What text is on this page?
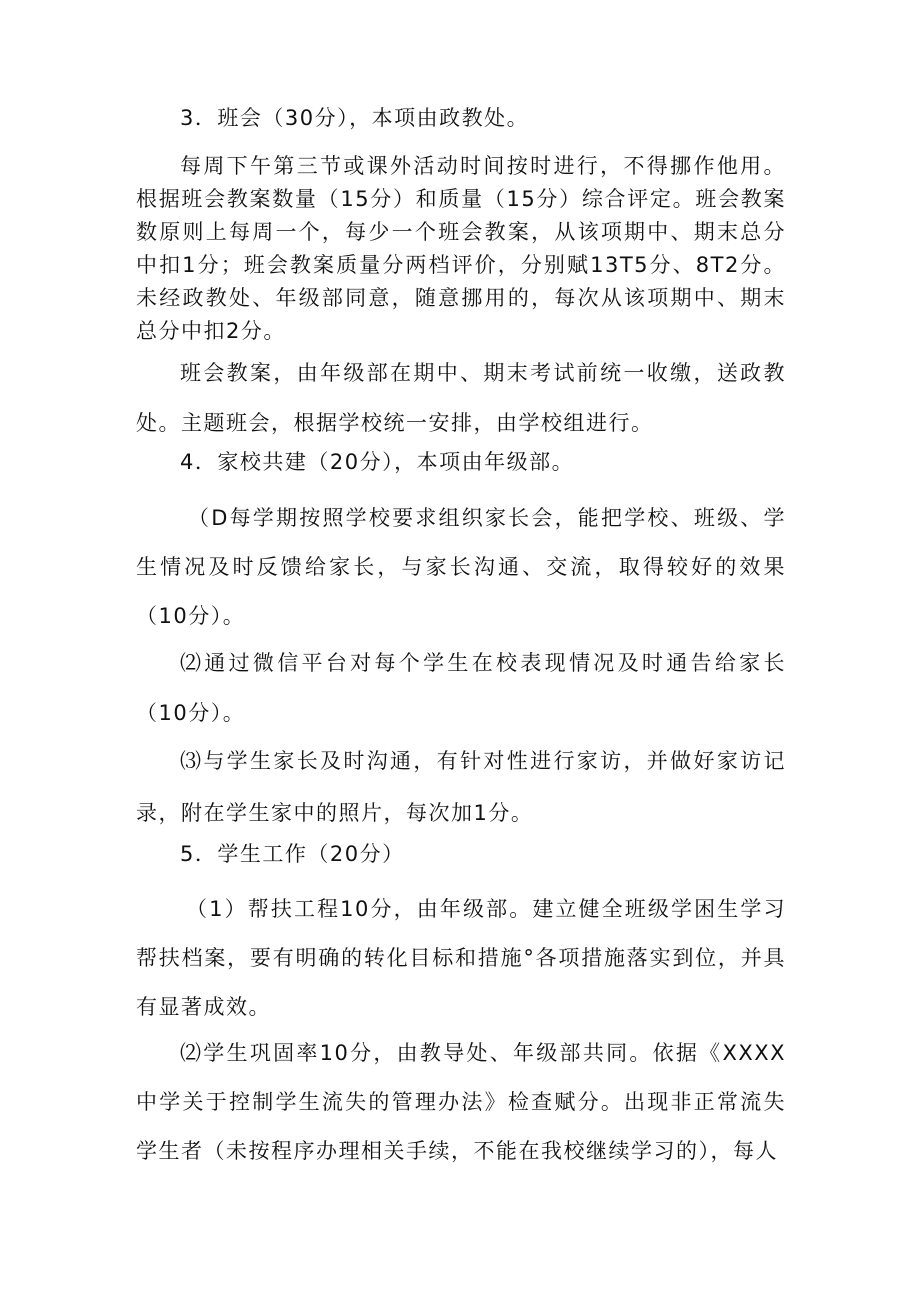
3．班会（30分），本项由政教处。

每周下午第三节或课外活动时间按时进行，不得挪作他用。根据班会教案数量（15分）和质量（15分）综合评定。班会教案数原则上每周一个，每少一个班会教案，从该项期中、期末总分中扣1分；班会教案质量分两档评价，分别赋13T5分、8T2分。未经政教处、年级部同意，随意挪用的，每次从该项期中、期末总分中扣2分。

班会教案，由年级部在期中、期末考试前统一收缴，送政教处。主题班会，根据学校统一安排，由学校组进行。

4．家校共建（20分），本项由年级部。

（D每学期按照学校要求组织家长会，能把学校、班级、学生情况及时反馈给家长，与家长沟通、交流，取得较好的效果（10分）。

⑵通过微信平台对每个学生在校表现情况及时通告给家长（10分）。

⑶与学生家长及时沟通，有针对性进行家访，并做好家访记录，附在学生家中的照片，每次加1分。

5．学生工作（20分）

（1）帮扶工程10分，由年级部。建立健全班级学困生学习帮扶档案，要有明确的转化目标和措施°各项措施落实到位，并具有显著成效。

⑵学生巩固率10分，由教导处、年级部共同。依据《XXXX中学关于控制学生流失的管理办法》检查赋分。出现非正常流失学生者（未按程序办理相关手续，不能在我校继续学习的），每人
